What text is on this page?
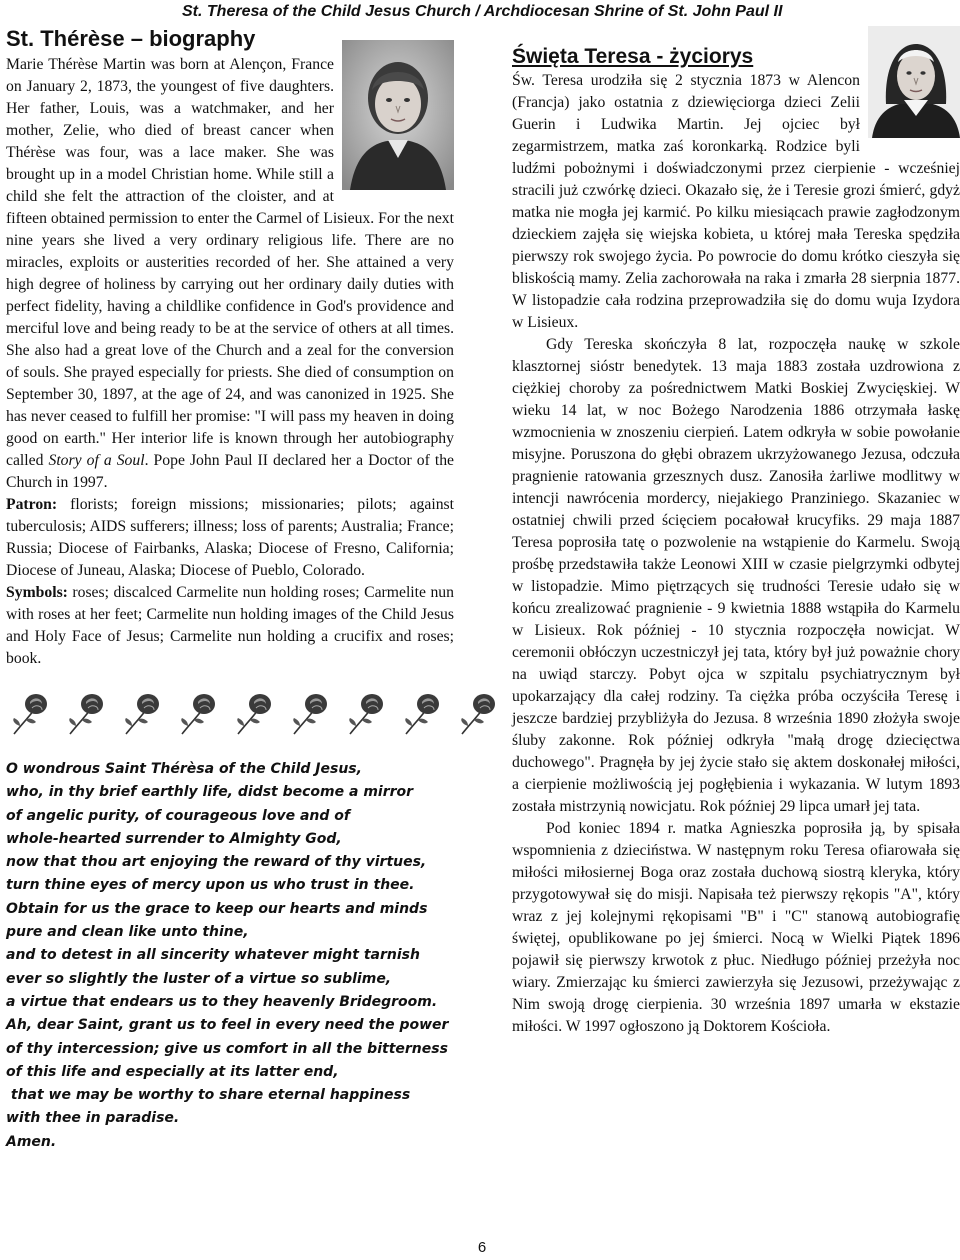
St. Theresa of the Child Jesus Church / Archdiocesan Shrine of St. John Paul II
St. Thérèse – biography
Marie Thérèse Martin was born at Alençon, France on January 2, 1873, the youngest of five daughters. Her father, Louis, was a watchmaker, and her mother, Zelie, who died of breast cancer when Thérèse was four, was a lace maker. She was brought up in a model Christian home. While still a child she felt the attraction of the cloister, and at fifteen obtained permission to enter the Carmel of Lisieux. For the next nine years she lived a very ordinary religious life. There are no miracles, exploits or austerities recorded of her. She attained a very high degree of holiness by carrying out her ordinary daily duties with perfect fidelity, having a childlike confidence in God's providence and merciful love and being ready to be at the service of others at all times. She also had a great love of the Church and a zeal for the conversion of souls. She prayed especially for priests. She died of consumption on September 30, 1897, at the age of 24, and was canonized in 1925. She has never ceased to fulfill her promise: "I will pass my heaven in doing good on earth." Her interior life is known through her autobiography called Story of a Soul. Pope John Paul II declared her a Doctor of the Church in 1997.
Patron: florists; foreign missions; missionaries; pilots; against tuberculosis; AIDS sufferers; illness; loss of parents; Australia; France; Russia; Diocese of Fairbanks, Alaska; Diocese of Fresno, California; Diocese of Juneau, Alaska; Diocese of Pueblo, Colorado.
Symbols: roses; discalced Carmelite nun holding roses; Carmelite nun with roses at her feet; Carmelite nun holding images of the Child Jesus and Holy Face of Jesus; Carmelite nun holding a crucifix and roses; book.
O wondrous Saint Thérèsa of the Child Jesus,
who, in thy brief earthly life, didst become a mirror
of angelic purity, of courageous love and of
whole-hearted surrender to Almighty God,
now that thou art enjoying the reward of thy virtues,
turn thine eyes of mercy upon us who trust in thee.
Obtain for us the grace to keep our hearts and minds
pure and clean like unto thine,
and to detest in all sincerity whatever might tarnish
ever so slightly the luster of a virtue so sublime,
a virtue that endears us to they heavenly Bridegroom.
Ah, dear Saint, grant us to feel in every need the power
of thy intercession; give us comfort in all the bitterness
of this life and especially at its latter end,
that we may be worthy to share eternal happiness
with thee in paradise.
Amen.
Święta Teresa - życiorys

Św. Teresa urodziła się 2 stycznia 1873 w Alencon (Francja) jako ostatnia z dziewięciorga dzieci Zelii Guerin i Ludwika Martin. Jej ojciec był zegarmistrzem, matka zaś koronkarką. Rodzice byli ludźmi pobożnymi i doświadczonymi przez cierpienie - wcześniej stracili już czwórkę dzieci. Okazało się, że i Teresie grozi śmierć, gdyż matka nie mogła jej karmić. Po kilku miesiącach prawie zagłodzonym dzieckiem zajęła się wiejska kobieta, u której mała Tereska spędziła pierwszy rok swojego życia. Po powrocie do domu krótko cieszyła się bliskością mamy. Zelia zachorowała na raka i zmarła 28 sierpnia 1877. W listopadzie cała rodzina przeprowadziła się do domu wuja Izydora w Lisieux.

Gdy Tereska skończyła 8 lat, rozpoczęła naukę w szkole klasztornej sióstr benedytek. 13 maja 1883 została uzdrowiona z ciężkiej choroby za pośrednictwem Matki Boskiej Zwycięskiej. W wieku 14 lat, w noc Bożego Narodzenia 1886 otrzymała łaskę wzmocnienia w znoszeniu cierpień. Latem odkryła w sobie powołanie misyjne. Poruszona do głębi obrazem ukrzyżowanego Jezusa, odczuła pragnienie ratowania grzesznych dusz. Zanosiła żarliwe modlitwy w intencji nawrócenia mordercy, niejakiego Pranziniego. Skazaniec w ostatniej chwili przed ścięciem pocałował krucyfiks. 29 maja 1887 Teresa poprosiła tatę o pozwolenie na wstąpienie do Karmelu. Swoją prośbę przedstawiła także Leonowi XIII w czasie pielgrzymki odbytej w listopadzie. Mimo piętrzących się trudności Teresie udało się w końcu zrealizować pragnienie - 9 kwietnia 1888 wstąpiła do Karmelu w Lisieux. Rok później - 10 stycznia rozpoczęła nowicjat. W ceremonii obłóczyn uczestniczył jej tata, który był już poważnie chory na uwiąd starczy. Pobyt ojca w szpitalu psychiatrycznym był upokarzający dla całej rodziny. Ta ciężka próba oczyściła Teresę i jeszcze bardziej przybliżyła do Jezusa. 8 września 1890 złożyła swoje śluby zakonne. Rok później odkryła "małą drogę dziecięctwa duchowego". Pragnęła by jej życie stało się aktem doskonałej miłości, a cierpienie możliwością jej pogłębienia i wykazania. W lutym 1893 została mistrzynią nowicjatu. Rok później 29 lipca umarł jej tata.

Pod koniec 1894 r. matka Agnieszka poprosiła ją, by spisała wspomnienia z dzieciństwa. W następnym roku Teresa ofiarowała się miłości miłosiernej Boga oraz została duchową siostrą kleryka, który przygotowywał się do misji. Napisała też pierwszy rękopis "A", który wraz z jej kolejnymi rękopisami "B" i "C" stanową autobiografię świętej, opublikowane po jej śmierci. Nocą w Wielki Piątek 1896 pojawił się pierwszy krwotok z płuc. Niedługo później przeżyła noc wiary. Zmierzając ku śmierci zawierzyła się Jezusowi, przeżywając z Nim swoją drogę cierpienia. 30 września 1897 umarła w ekstazie miłości. W 1997 ogłoszono ją Doktorem Kościoła.

6
